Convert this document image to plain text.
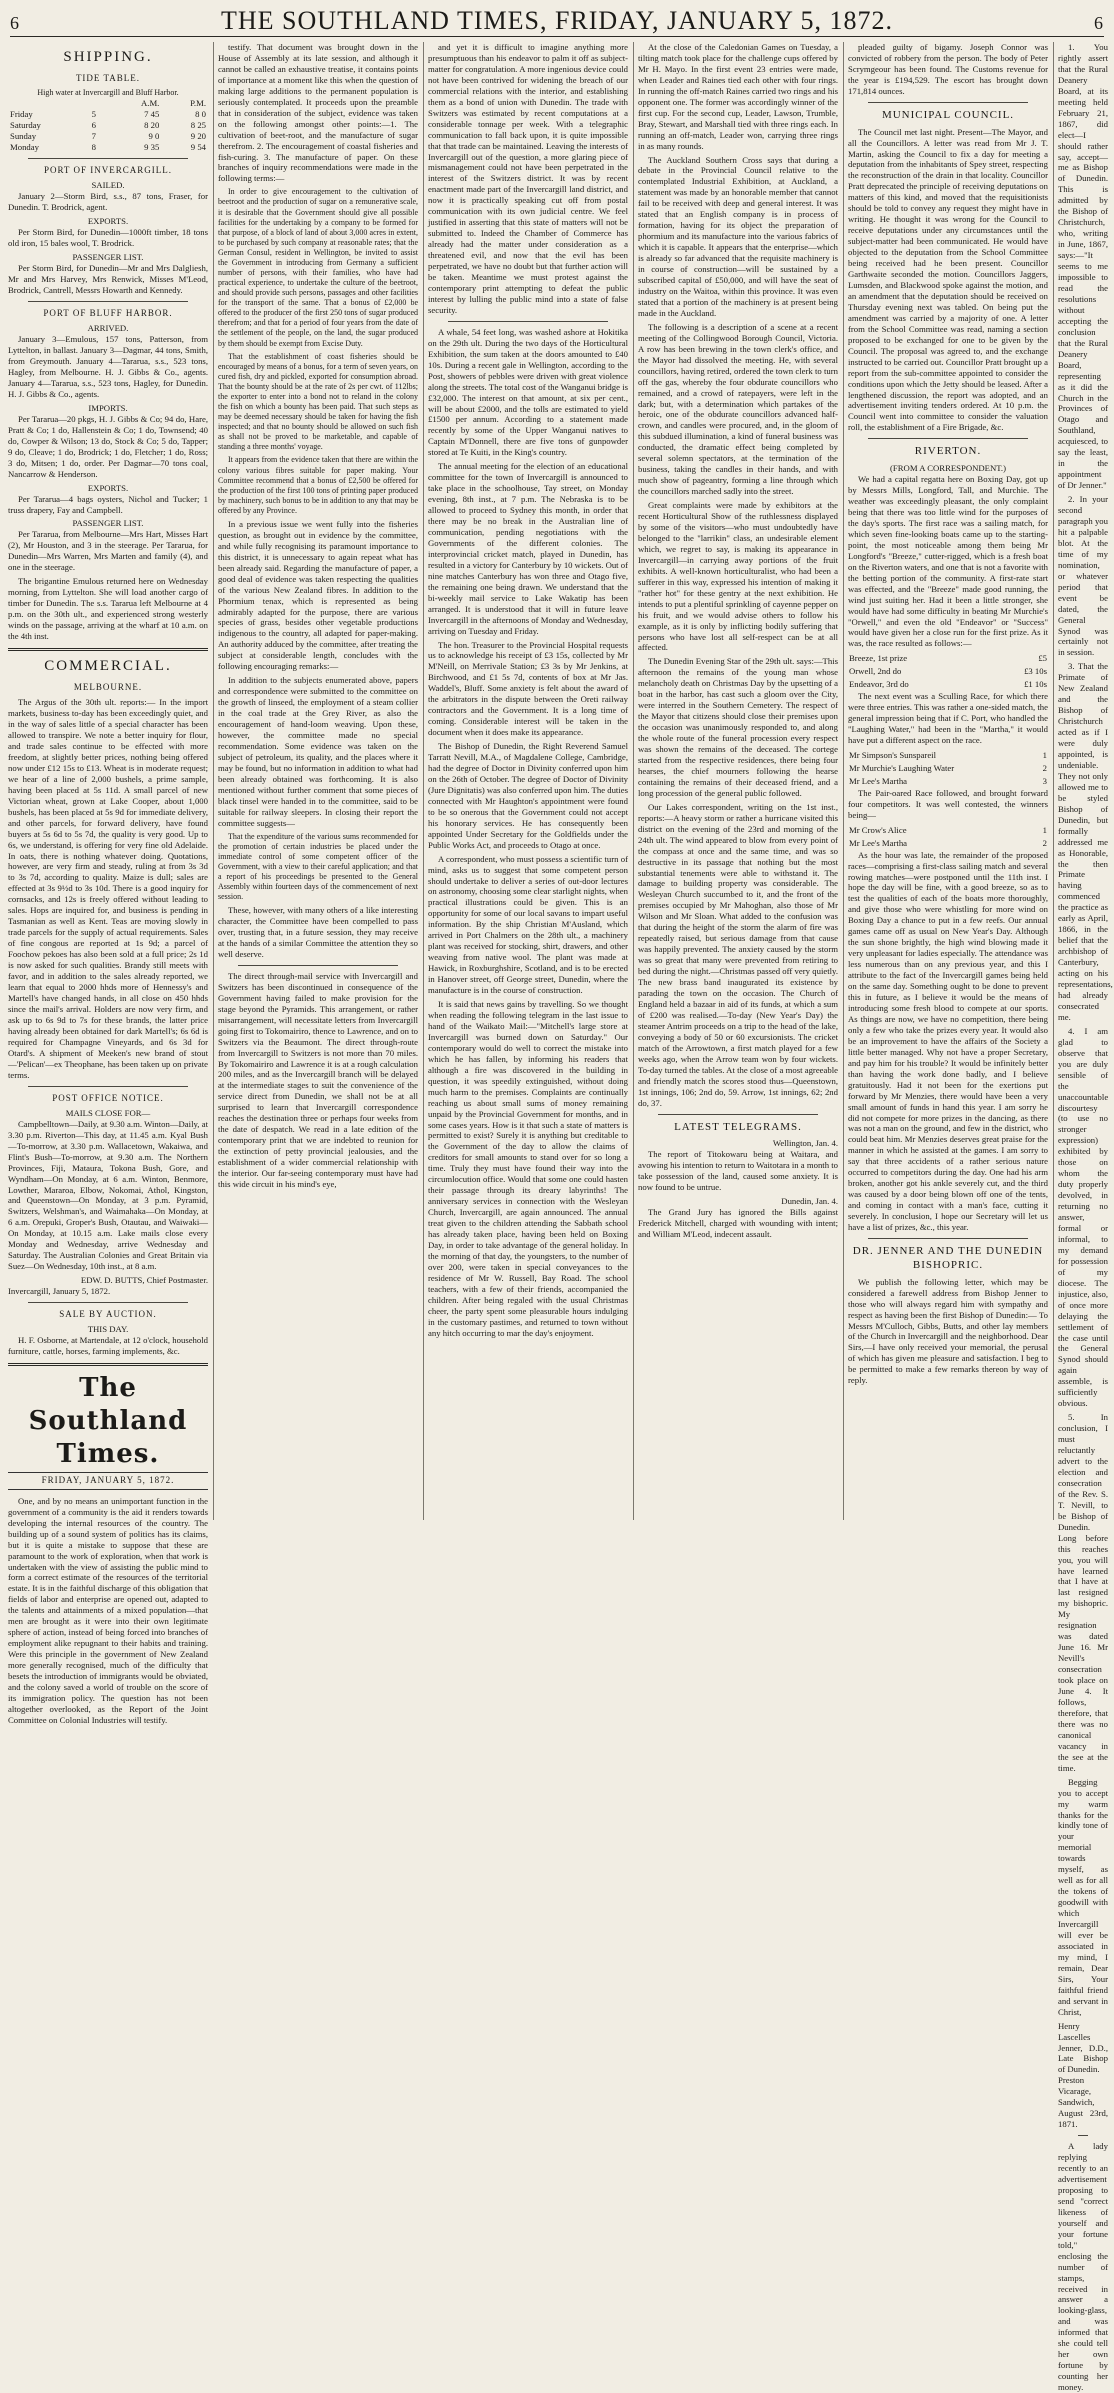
6	THE SOUTHLAND TIMES, FRIDAY, JANUARY 5, 1872.	6
SHIPPING.
TIDE TABLE.
High water at Invercargill and Bluff Harbor.
		A.M.	P.M.
Friday	5	7 45	8 0
Saturday	6	8 20	8 25
Sunday	7	9 0	9 20
Monday	8	9 35	9 54
PORT OF INVERCARGILL.
SAILED.

January 2—Storm Bird, s.s., 87 tons, Fraser, for Dunedin. T. Brodrick, agent.

EXPORTS.

Per Storm Bird, for Dunedin—1000ft timber, 18 tons old iron, 15 bales wool, T. Brodrick.

PASSENGER LIST.

Per Storm Bird, for Dunedin—Mr and Mrs Dalgliesh, Mr and Mrs Harvey, Mrs Renwick, Misses M'Leod, Brodrick, Cantrell, Messrs Howarth and Kennedy.

PORT OF BLUFF HARBOR.
ARRIVED.

January 3—Emulous, 157 tons, Patterson, from Lyttelton, in ballast. January 3—Dagmar, 44 tons, Smith, from Greymouth. January 4—Tararua, s.s., 523 tons, Hagley, from Melbourne. H. J. Gibbs & Co., agents. January 4—Tararua, s.s., 523 tons, Hagley, for Dunedin. H. J. Gibbs & Co., agents.

IMPORTS.

Per Tararua—20 pkgs, H. J. Gibbs & Co; 94 do, Hare, Pratt & Co; 1 do, Hallenstein & Co; 1 do, Townsend; 40 do, Cowper & Wilson; 13 do, Stock & Co; 5 do, Tapper; 9 do, Cleave; 1 do, Brodrick; 1 do, Fletcher; 1 do, Ross; 3 do, Mitsen; 1 do, order. Per Dagmar—70 tons coal, Nancarrow & Henderson.

EXPORTS.

Per Tararua—4 bags oysters, Nichol and Tucker; 1 truss drapery, Fay and Campbell.

PASSENGER LIST.

Per Tararua, from Melbourne—Mrs Hart, Misses Hart (2), Mr Houston, and 3 in the steerage. Per Tararua, for Dunedin—Mrs Warren, Mrs Marten and family (4), and one in the steerage.

The brigantine Emulous returned here on Wednesday morning, from Lyttelton. She will load another cargo of timber for Dunedin. The s.s. Tararua left Melbourne at 4 p.m. on the 30th ult., and experienced strong westerly winds on the passage, arriving at the wharf at 10 a.m. on the 4th inst.

COMMERCIAL.
MELBOURNE.

The Argus of the 30th ult. reports:— In the import markets, business to-day has been exceedingly quiet, and in the way of sales little of a special character has been allowed to transpire. We note a better inquiry for flour, and trade sales continue to be effected with more freedom, at slightly better prices, nothing being offered now under £12 15s to £13. Wheat is in moderate request; we hear of a line of 2,000 bushels, a prime sample, having been placed at 5s 11d. A small parcel of new Victorian wheat, grown at Lake Cooper, about 1,000 bushels, has been placed at 5s 9d for immediate delivery, and other parcels, for forward delivery, have found buyers at 5s 6d to 5s 7d, the quality is very good. Up to 6s, we understand, is offering for very fine old Adelaide. In oats, there is nothing whatever doing. Quotations, however, are very firm and steady, ruling at from 3s 3d to 3s 7d, according to quality. Maize is dull; sales are effected at 3s 9½d to 3s 10d. There is a good inquiry for cornsacks, and 12s is freely offered without leading to sales. Hops are inquired for, and business is pending in Tasmanian as well as Kent. Teas are moving slowly in trade parcels for the supply of actual requirements. Sales of fine congous are reported at 1s 9d; a parcel of Foochow pekoes has also been sold at a full price; 2s 1d is now asked for such qualities. Brandy still meets with favor, and in addition to the sales already reported, we learn that equal to 2000 hhds more of Hennessy's and Martell's have changed hands, in all close on 450 hhds since the mail's arrival. Holders are now very firm, and ask up to 6s 9d to 7s for these brands, the latter price having already been obtained for dark Martell's; 6s 6d is required for Champagne Vineyards, and 6s 3d for Otard's. A shipment of Meeken's new brand of stout—'Pelican'—ex Theophane, has been taken up on private terms.

POST OFFICE NOTICE.
MAILS CLOSE FOR—

Campbelltown—Daily, at 9.30 a.m. Winton—Daily, at 3.30 p.m. Riverton—This day, at 11.45 a.m. Kyal Bush—To-morrow, at 3.30 p.m. Wallacetown, Wakaiwa, and Flint's Bush—To-morrow, at 9.30 a.m. The Northern Provinces, Fiji, Mataura, Tokona Bush, Gore, and Wyndham—On Monday, at 6 a.m. Winton, Benmore, Lowther, Mararoa, Elbow, Nokomai, Athol, Kingston, and Queenstown—On Monday, at 3 p.m. Pyramid, Switzers, Welshman's, and Waimahaka—On Monday, at 6 a.m. Orepuki, Groper's Bush, Otautau, and Waiwaki—On Monday, at 10.15 a.m. Lake mails close every Monday and Wednesday, arrive Wednesday and Saturday. The Australian Colonies and Great Britain via Suez—On Wednesday, 10th inst., at 8 a.m.

EDW. D. BUTTS, Chief Postmaster.
Invercargill, January 5, 1872.
SALE BY AUCTION.
THIS DAY.

H. F. Osborne, at Martendale, at 12 o'clock, household furniture, cattle, horses, farming implements, &c.

The Southland Times.
FRIDAY, JANUARY 5, 1872.

One, and by no means an unimportant function in the government of a community is the aid it renders towards developing the internal resources of the country. The building up of a sound system of politics has its claims, but it is quite a mistake to suppose that these are paramount to the work of exploration, when that work is undertaken with the view of assisting the public mind to form a correct estimate of the resources of the territorial estate. It is in the faithful discharge of this obligation that fields of labor and enterprise are opened out, adapted to the talents and attainments of a mixed population—that men are brought as it were into their own legitimate sphere of action, instead of being forced into branches of employment alike repugnant to their habits and training. Were this principle in the government of New Zealand more generally recognised, much of the difficulty that besets the introduction of immigrants would be obviated, and the colony saved a world of trouble on the score of its immigration policy. The question has not been altogether overlooked, as the Report of the Joint Committee on Colonial Industries will testify.

testify. That document was brought down in the House of Assembly at its late session, and although it cannot be called an exhaustive treatise, it contains points of importance at a moment like this when the question of making large additions to the permanent population is seriously contemplated. It proceeds upon the preamble that in consideration of the subject, evidence was taken on the following amongst other points:—1. The cultivation of beet-root, and the manufacture of sugar therefrom. 2. The encouragement of coastal fisheries and fish-curing. 3. The manufacture of paper. On these branches of inquiry recommendations were made in the following terms:—

In order to give encouragement to the cultivation of beetroot and the production of sugar on a remunerative scale, it is desirable that the Government should give all possible facilities for the undertaking by a company to be formed for that purpose, of a block of land of about 3,000 acres in extent, to be purchased by such company at reasonable rates; that the German Consul, resident in Wellington, be invited to assist the Government in introducing from Germany a sufficient number of persons, with their families, who have had practical experience, to undertake the culture of the beetroot, and should provide such persons, passages and other facilities for the transport of the same. That a bonus of £2,000 be offered to the producer of the first 250 tons of sugar produced therefrom; and that for a period of four years from the date of the settlement of the people, on the land, the sugar produced by them should be exempt from Excise Duty.

That the establishment of coast fisheries should be encouraged by means of a bonus, for a term of seven years, on cured fish, dry and pickled, exported for consumption abroad. That the bounty should be at the rate of 2s per cwt. of 112lbs; the exporter to enter into a bond not to reland in the colony the fish on which a bounty has been paid. That such steps as may be deemed necessary should be taken for having the fish inspected; and that no bounty should be allowed on such fish as shall not be proved to be marketable, and capable of standing a three months' voyage.

It appears from the evidence taken that there are within the colony various fibres suitable for paper making. Your Committee recommend that a bonus of £2,500 be offered for the production of the first 100 tons of printing paper produced by machinery, such bonus to be in addition to any that may be offered by any Province.

In a previous issue we went fully into the fisheries question, as brought out in evidence by the committee, and while fully recognising its paramount importance to this district, it is unnecessary to again repeat what has been already said. Regarding the manufacture of paper, a good deal of evidence was taken respecting the qualities of the various New Zealand fibres. In addition to the Phormium tenax, which is represented as being admirably adapted for the purpose, there are various species of grass, besides other vegetable productions indigenous to the country, all adapted for paper-making. An authority adduced by the committee, after treating the subject at considerable length, concludes with the following encouraging remarks:—

In addition to the subjects enumerated above, papers and correspondence were submitted to the committee on the growth of linseed, the employment of a steam collier in the coal trade at the Grey River, as also the encouragement of hand-loom weaving. Upon these, however, the committee made no special recommendation. Some evidence was taken on the subject of petroleum, its quality, and the places where it may be found, but no information in addition to what had been already obtained was forthcoming. It is also mentioned without further comment that some pieces of black tinsel were handed in to the committee, said to be suitable for railway sleepers. In closing their report the committee suggests—

That the expenditure of the various sums recommended for the promotion of certain industries be placed under the immediate control of some competent officer of the Government, with a view to their careful application; and that a report of his proceedings be presented to the General Assembly within fourteen days of the commencement of next session.

These, however, with many others of a like interesting character, the Committee have been compelled to pass over, trusting that, in a future session, they may receive at the hands of a similar Committee the attention they so well deserve.

The direct through-mail service with Invercargill and Switzers has been discontinued in consequence of the Government having failed to make provision for the stage beyond the Pyramids. This arrangement, or rather misarrangement, will necessitate letters from Invercargill going first to Tokomairiro, thence to Lawrence, and on to Switzers via the Beaumont. The direct through-route from Invercargill to Switzers is not more than 70 miles. By Tokomairiro and Lawrence it is at a rough calculation 200 miles, and as the Invercargill branch will be delayed at the intermediate stages to suit the convenience of the service direct from Dunedin, we shall not be at all surprised to learn that Invercargill correspondence reaches the destination three or perhaps four weeks from the date of despatch. We read in a late edition of the contemporary print that we are indebted to reunion for the extinction of petty provincial jealousies, and the establishment of a wider commercial relationship with the interior. Our far-seeing contemporary must have had this wide circuit in his mind's eye,

and yet it is difficult to imagine anything more presumptuous than his endeavor to palm it off as subject-matter for congratulation. A more ingenious device could not have been contrived for widening the breach of our commercial relations with the interior, and establishing them as a bond of union with Dunedin. The trade with Switzers was estimated by recent computations at a considerable tonnage per week. With a telegraphic communication to fall back upon, it is quite impossible that that trade can be maintained. Leaving the interests of Invercargill out of the question, a more glaring piece of mismanagement could not have been perpetrated in the interest of the Switzers district. It was by recent enactment made part of the Invercargill land district, and now it is practically speaking cut off from postal communication with its own judicial centre. We feel justified in asserting that this state of matters will not be submitted to. Indeed the Chamber of Commerce has already had the matter under consideration as a threatened evil, and now that the evil has been perpetrated, we have no doubt but that further action will be taken. Meantime we must protest against the contemporary print attempting to defeat the public interest by lulling the public mind into a state of false security.

A whale, 54 feet long, was washed ashore at Hokitika on the 29th ult. During the two days of the Horticultural Exhibition, the sum taken at the doors amounted to £40 10s. During a recent gale in Wellington, according to the Post, showers of pebbles were driven with great violence along the streets. The total cost of the Wanganui bridge is £32,000. The interest on that amount, at six per cent., will be about £2000, and the tolls are estimated to yield £1500 per annum. According to a statement made recently by some of the Upper Wanganui natives to Captain M'Donnell, there are five tons of gunpowder stored at Te Kuiti, in the King's country.

The annual meeting for the election of an educational committee for the town of Invercargill is announced to take place in the schoolhouse, Tay street, on Monday evening, 8th inst., at 7 p.m. The Nebraska is to be allowed to proceed to Sydney this month, in order that there may be no break in the Australian line of communication, pending negotiations with the Governments of the different colonies. The interprovincial cricket match, played in Dunedin, has resulted in a victory for Canterbury by 10 wickets. Out of nine matches Canterbury has won three and Otago five, the remaining one being drawn. We understand that the bi-weekly mail service to Lake Wakatip has been arranged. It is understood that it will in future leave Invercargill in the afternoons of Monday and Wednesday, arriving on Tuesday and Friday.

The hon. Treasurer to the Provincial Hospital requests us to acknowledge his receipt of £3 15s, collected by Mr M'Neill, on Merrivale Station; £3 3s by Mr Jenkins, at Birchwood, and £1 5s 7d, contents of box at Mr Jas. Waddel's, Bluff. Some anxiety is felt about the award of the arbitrators in the dispute between the Oreti railway contractors and the Government. It is a long time of coming. Considerable interest will be taken in the document when it does make its appearance.

The Bishop of Dunedin, the Right Reverend Samuel Tarratt Nevill, M.A., of Magdalene College, Cambridge, had the degree of Doctor in Divinity conferred upon him on the 26th of October. The degree of Doctor of Divinity (Jure Dignitatis) was also conferred upon him. The duties connected with Mr Haughton's appointment were found to be so onerous that the Government could not accept his honorary services. He has consequently been appointed Under Secretary for the Goldfields under the Public Works Act, and proceeds to Otago at once.

A correspondent, who must possess a scientific turn of mind, asks us to suggest that some competent person should undertake to deliver a series of out-door lectures on astronomy, choosing some clear starlight nights, when practical illustrations could be given. This is an opportunity for some of our local savans to impart useful information. By the ship Christian M'Ausland, which arrived in Port Chalmers on the 28th ult., a machinery plant was received for stocking, shirt, drawers, and other weaving from native wool. The plant was made at Hawick, in Roxburghshire, Scotland, and is to be erected in Hanover street, off George street, Dunedin, where the manufacture is in the course of construction.

It is said that news gains by travelling. So we thought when reading the following telegram in the last issue to hand of the Waikato Mail:—"Mitchell's large store at Invercargill was burned down on Saturday." Our contemporary would do well to correct the mistake into which he has fallen, by informing his readers that although a fire was discovered in the building in question, it was speedily extinguished, without doing much harm to the premises. Complaints are continually reaching us about small sums of money remaining unpaid by the Provincial Government for months, and in some cases years. How is it that such a state of matters is permitted to exist? Surely it is anything but creditable to the Government of the day to allow the claims of creditors for small amounts to stand over for so long a time. Truly they must have found their way into the circumlocution office. Would that some one could hasten their passage through its dreary labyrinths! The anniversary services in connection with the Wesleyan Church, Invercargill, are again announced. The annual treat given to the children attending the Sabbath school has already taken place, having been held on Boxing Day, in order to take advantage of the general holiday. In the morning of that day, the youngsters, to the number of over 200, were taken in special conveyances to the residence of Mr W. Russell, Bay Road. The school teachers, with a few of their friends, accompanied the children. After being regaled with the usual Christmas cheer, the party spent some pleasurable hours indulging in the customary pastimes, and returned to town without any hitch occurring to mar the day's enjoyment.

At the close of the Caledonian Games on Tuesday, a tilting match took place for the challenge cups offered by Mr H. Mayo. In the first event 23 entries were made, when Leader and Raines tied each other with four rings. In running the off-match Raines carried two rings and his opponent one. The former was accordingly winner of the first cup. For the second cup, Leader, Lawson, Trumble, Bray, Stewart, and Marshall tied with three rings each. In running an off-match, Leader won, carrying three rings in as many rounds.

The Auckland Southern Cross says that during a debate in the Provincial Council relative to the contemplated Industrial Exhibition, at Auckland, a statement was made by an honorable member that cannot fail to be received with deep and general interest. It was stated that an English company is in process of formation, having for its object the preparation of phormium and its manufacture into the various fabrics of which it is capable. It appears that the enterprise—which is already so far advanced that the requisite machinery is in course of construction—will be sustained by a subscribed capital of £50,000, and will have the seat of industry on the Waitoa, within this province. It was even stated that a portion of the machinery is at present being made in the Auckland.

The following is a description of a scene at a recent meeting of the Collingwood Borough Council, Victoria. A row has been brewing in the town clerk's office, and the Mayor had dissolved the meeting. He, with several councillors, having retired, ordered the town clerk to turn off the gas, whereby the four obdurate councillors who remained, and a crowd of ratepayers, were left in the dark; but, with a determination which partakes of the heroic, one of the obdurate councillors advanced half-crown, and candles were procured, and, in the gloom of this subdued illumination, a kind of funeral business was conducted, the dramatic effect being completed by several solemn spectators, at the termination of the business, taking the candles in their hands, and with much show of pageantry, forming a line through which the councillors marched sadly into the street.

Great complaints were made by exhibitors at the recent Horticultural Show of the ruthlessness displayed by some of the visitors—who must undoubtedly have belonged to the "larrikin" class, an undesirable element which, we regret to say, is making its appearance in Invercargill—in carrying away portions of the fruit exhibits. A well-known horticulturalist, who had been a sufferer in this way, expressed his intention of making it "rather hot" for these gentry at the next exhibition. He intends to put a plentiful sprinkling of cayenne pepper on his fruit, and we would advise others to follow his example, as it is only by inflicting bodily suffering that persons who have lost all self-respect can be at all affected.

The Dunedin Evening Star of the 29th ult. says:—This afternoon the remains of the young man whose melancholy death on Christmas Day by the upsetting of a boat in the harbor, has cast such a gloom over the City, were interred in the Southern Cemetery. The respect of the Mayor that citizens should close their premises upon the occasion was unanimously responded to, and along the whole route of the funeral procession every respect was shown the remains of the deceased. The cortege started from the respective residences, there being four hearses, the chief mourners following the hearse containing the remains of their deceased friend, and a long procession of the general public followed.

Our Lakes correspondent, writing on the 1st inst., reports:—A heavy storm or rather a hurricane visited this district on the evening of the 23rd and morning of the 24th ult. The wind appeared to blow from every point of the compass at once and the same time, and was so destructive in its passage that nothing but the most substantial tenements were able to withstand it. The damage to building property was considerable. The Wesleyan Church succumbed to it, and the front of the premises occupied by Mr Mahoghan, also those of Mr Wilson and Mr Sloan. What added to the confusion was that during the height of the storm the alarm of fire was repeatedly raised, but serious damage from that cause was happily prevented. The anxiety caused by the storm was so great that many were prevented from retiring to bed during the night.—Christmas passed off very quietly. The new brass band inaugurated its existence by parading the town on the occasion. The Church of England held a bazaar in aid of its funds, at which a sum of £200 was realised.—To-day (New Year's Day) the steamer Antrim proceeds on a trip to the head of the lake, conveying a body of 50 or 60 excursionists. The cricket match of the Arrowtown, a first match played for a few weeks ago, when the Arrow team won by four wickets. To-day turned the tables. At the close of a most agreeable and friendly match the scores stood thus—Queenstown, 1st innings, 106; 2nd do, 59. Arrow, 1st innings, 62; 2nd do, 37.

LATEST TELEGRAMS.
Wellington, Jan. 4.

The report of Titokowaru being at Waitara, and avowing his intention to return to Waitotara in a month to take possession of the land, caused some anxiety. It is now found to be untrue.

Dunedin, Jan. 4.

The Grand Jury has ignored the Bills against Frederick Mitchell, charged with wounding with intent; and William M'Leod, indecent assault.

pleaded guilty of bigamy. Joseph Connor was convicted of robbery from the person. The body of Peter Scrymgeour has been found. The Customs revenue for the year is £194,529. The escort has brought down 171,814 ounces.

MUNICIPAL COUNCIL.

The Council met last night. Present—The Mayor, and all the Councillors. A letter was read from Mr J. T. Martin, asking the Council to fix a day for meeting a deputation from the inhabitants of Spey street, respecting the reconstruction of the drain in that locality. Councillor Pratt deprecated the principle of receiving deputations on matters of this kind, and moved that the requisitionists should be told to convey any request they might have in writing. He thought it was wrong for the Council to receive deputations under any circumstances until the subject-matter had been communicated. He would have objected to the deputation from the School Committee being received had he been present. Councillor Garthwaite seconded the motion. Councillors Jaggers, Lumsden, and Blackwood spoke against the motion, and an amendment that the deputation should be received on Thursday evening next was tabled. On being put the amendment was carried by a majority of one. A letter from the School Committee was read, naming a section proposed to be exchanged for one to be given by the Council. The proposal was agreed to, and the exchange instructed to be carried out. Councillor Pratt brought up a report from the sub-committee appointed to consider the conditions upon which the Jetty should be leased. After a lengthened discussion, the report was adopted, and an advertisement inviting tenders ordered. At 10 p.m. the Council went into committee to consider the valuation roll, the establishment of a Fire Brigade, &c.

RIVERTON.
(FROM A CORRESPONDENT.)

We had a capital regatta here on Boxing Day, got up by Messrs Mills, Longford, Tall, and Murchie. The weather was exceedingly pleasant, the only complaint being that there was too little wind for the purposes of the day's sports. The first race was a sailing match, for which seven fine-looking boats came up to the starting-point, the most noticeable among them being Mr Longford's "Breeze," cutter-rigged, which is a fresh boat on the Riverton waters, and one that is not a favorite with the betting portion of the community. A first-rate start was effected, and the "Breeze" made good running, the wind just suiting her. Had it been a little stronger, she would have had some difficulty in beating Mr Murchie's "Orwell," and even the old "Endeavor" or "Success" would have given her a close run for the first prize. As it was, the race resulted as follows:—

Breeze, 1st prize	£5
Orwell, 2nd do	£3 10s
Endeavor, 3rd do	£1 10s

The next event was a Sculling Race, for which there were three entries. This was rather a one-sided match, the general impression being that if C. Port, who handled the "Laughing Water," had been in the "Martha," it would have put a different aspect on the race.

Mr Simpson's Sunspareil	1
Mr Murchie's Laughing Water	2
Mr Lee's Martha	3

The Pair-oared Race followed, and brought forward four competitors. It was well contested, the winners being—

Mr Crow's Alice	1
Mr Lee's Martha	2

As the hour was late, the remainder of the proposed races—comprising a first-class sailing match and several rowing matches—were postponed until the 11th inst. I hope the day will be fine, with a good breeze, so as to test the qualities of each of the boats more thoroughly, and give those who were whistling for more wind on Boxing Day a chance to put in a few reefs. Our annual games came off as usual on New Year's Day. Although the sun shone brightly, the high wind blowing made it very unpleasant for ladies especially. The attendance was less numerous than on any previous year, and this I attribute to the fact of the Invercargill games being held on the same day. Something ought to be done to prevent this in future, as I believe it would be the means of introducing some fresh blood to compete at our sports. As things are now, we have no competition, there being only a few who take the prizes every year. It would also be an improvement to have the affairs of the Society a little better managed. Why not have a proper Secretary, and pay him for his trouble? It would be infinitely better than having the work done badly, and I believe gratuitously. Had it not been for the exertions put forward by Mr Menzies, there would have been a very small amount of funds in hand this year. I am sorry he did not compete for more prizes in the dancing, as there was not a man on the ground, and few in the district, who could beat him. Mr Menzies deserves great praise for the manner in which he assisted at the games. I am sorry to say that three accidents of a rather serious nature occurred to competitors during the day. One had his arm broken, another got his ankle severely cut, and the third was caused by a door being blown off one of the tents, and coming in contact with a man's face, cutting it severely. In conclusion, I hope our Secretary will let us have a list of prizes, &c., this year.

DR. JENNER AND THE DUNEDIN BISHOPRIC.

We publish the following letter, which may be considered a farewell address from Bishop Jenner to those who will always regard him with sympathy and respect as having been the first Bishop of Dunedin:— To Messrs M'Culloch, Gibbs, Butts, and other lay members of the Church in Invercargill and the neighborhood. Dear Sirs,—I have only received your memorial, the perusal of which has given me pleasure and satisfaction. I beg to be permitted to make a few remarks thereon by way of reply.

1. You rightly assert that the Rural Deanery Board, at its meeting held February 21, 1867, did elect—I should rather say, accept—me as Bishop of Dunedin. This is admitted by the Bishop of Christchurch, who, writing in June, 1867, says:—"It seems to me impossible to read the resolutions without accepting the conclusion that the Rural Deanery Board, representing as it did the Church in the Provinces of Otago and Southland, acquiesced, to say the least, in the appointment of Dr Jenner."

2. In your second paragraph you hit a palpable blot. At the time of my nomination, or whatever period that event be dated, the General Synod was certainly not in session.

3. That the Primate of New Zealand and the Bishop of Christchurch acted as if I were duly appointed, is undeniable. They not only allowed me to be styled Bishop of Dunedin, but formally addressed me as Honorable, the then Primate having commenced the practice as early as April, 1866, in the belief that the archbishop of Canterbury, acting on his representations, had already consecrated me.

4. I am glad to observe that you are duly sensible of the unaccountable discourtesy (to use no stronger expression) exhibited by those on whom the duty properly devolved, in returning no answer, formal or informal, to my demand for possession of my diocese. The injustice, also, of once more delaying the settlement of the case until the General Synod should again assemble, is sufficiently obvious.

5. In conclusion, I must reluctantly advert to the election and consecration of the Rev. S. T. Nevill, to be Bishop of Dunedin. Long before this reaches you, you will have learned that I have at last resigned my bishopric. My resignation was dated June 16. Mr Nevill's consecration took place on June 4. It follows, therefore, that there was no canonical vacancy in the see at the time.

Begging you to accept my warm thanks for the kindly tone of your memorial towards myself, as well as for all the tokens of goodwill with which Invercargill will ever be associated in my mind, I remain, Dear Sirs, Your faithful friend and servant in Christ,

Henry Lascelles Jenner, D.D., Late Bishop of Dunedin.
Preston Vicarage, Sandwich, August 23rd, 1871.

A lady replying recently to an advertisement proposing to send "correct likeness of yourself and your fortune told," enclosing the number of stamps, received in answer a looking-glass, and was informed that she could tell her own fortune by counting her money.
